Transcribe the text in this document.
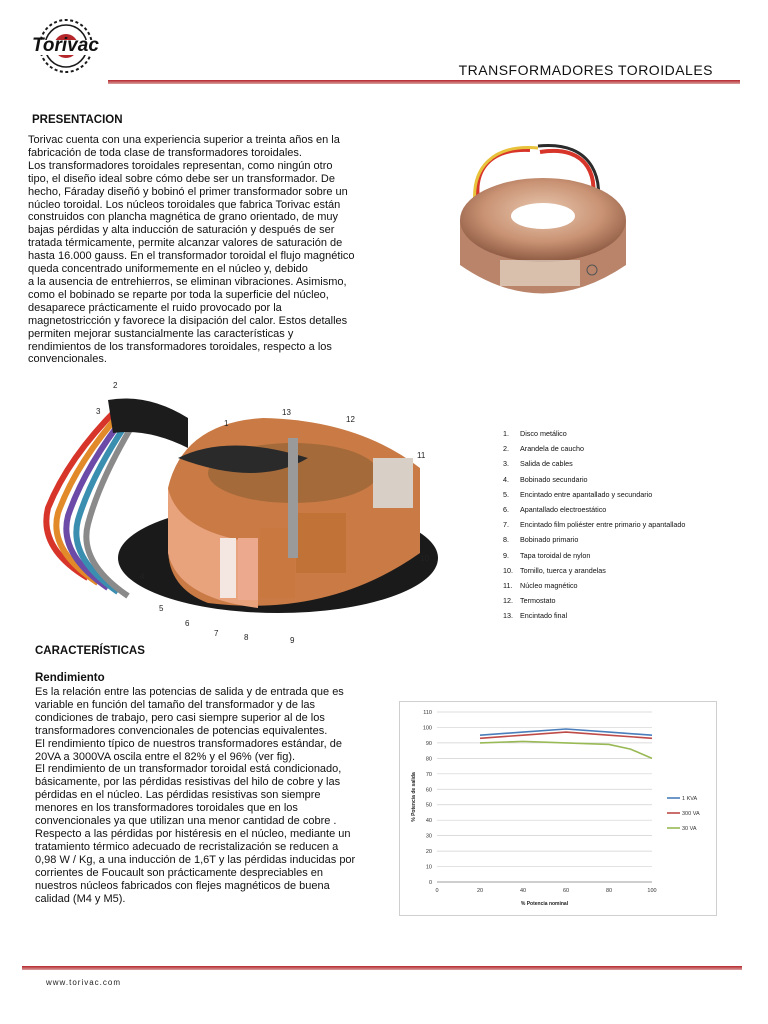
Torivac
TRANSFORMADORES TOROIDALES
PRESENTACION
Torivac cuenta con una experiencia superior a treinta años en la
fabricación de toda clase de transformadores toroidales.
Los transformadores toroidales representan, como ningún otro
tipo, el diseño ideal sobre cómo debe ser un transformador. De
hecho, Fáraday diseñó y bobinó el primer transformador sobre un
núcleo toroidal. Los núcleos toroidales que fabrica Torivac están
construidos con plancha magnética de grano orientado, de muy
bajas pérdidas y alta inducción de saturación y después de ser
tratada térmicamente, permite alcanzar valores de saturación de
hasta 16.000 gauss. En el transformador toroidal el flujo magnético
queda concentrado uniformemente en el núcleo y, debido
a la ausencia de entrehierros, se eliminan vibraciones. Asimismo,
como el bobinado se reparte por toda la superficie del núcleo,
desaparece prácticamente el ruido provocado por la
magnetostricción y favorece la disipación del calor. Estos detalles
permiten mejorar sustancialmente las características y
rendimientos de los transformadores toroidales, respecto a los
convencionales.
2
3
1
13
12
11
10
4
5
6
7	8	9
1. Disco metálico
2. Arandela de caucho
3. Salida de cables
4. Bobinado secundario
5. Encintado entre apantallado y secundario
6. Apantallado electroestático
7. Encintado film poliéster entre primario y apantallado
8. Bobinado primario
9. Tapa toroidal de nylon
10. Tornillo, tuerca y arandelas
11. Núcleo magnético
12. Termostato
13. Encintado final
CARACTERÍSTICAS
Rendimiento
Es la relación entre las potencias de salida y de entrada que es
variable en función del tamaño del transformador y de las
condiciones de trabajo, pero casi siempre superior al de los
transformadores convencionales de potencias equivalentes.
El rendimiento típico de nuestros transformadores estándar, de
20VA a 3000VA oscila entre el 82% y el 96% (ver fig).
El rendimiento de un transformador toroidal está condicionado,
básicamente, por las pérdidas resistivas del hilo de cobre y las
pérdidas en el núcleo. Las pérdidas resistivas son siempre
menores en los transformadores toroidales que en los
convencionales ya que utilizan una menor cantidad de cobre .
Respecto a las pérdidas por histéresis en el núcleo, mediante un
tratamiento térmico adecuado de recristalización se reducen a
0,98 W / Kg, a una inducción de 1,6T y las pérdidas inducidas por
corrientes de Foucault son prácticamente despreciables en
nuestros núcleos fabricados con flejes magnéticos de buena
calidad (M4 y M5).
0
10
20
30
40
50
60
70
80
90
100
110
0	20	40	60	80	100
% Potencia nominal
% Potencia de salida	1 KVA
300 VA
30 VA
www.torivac.com
